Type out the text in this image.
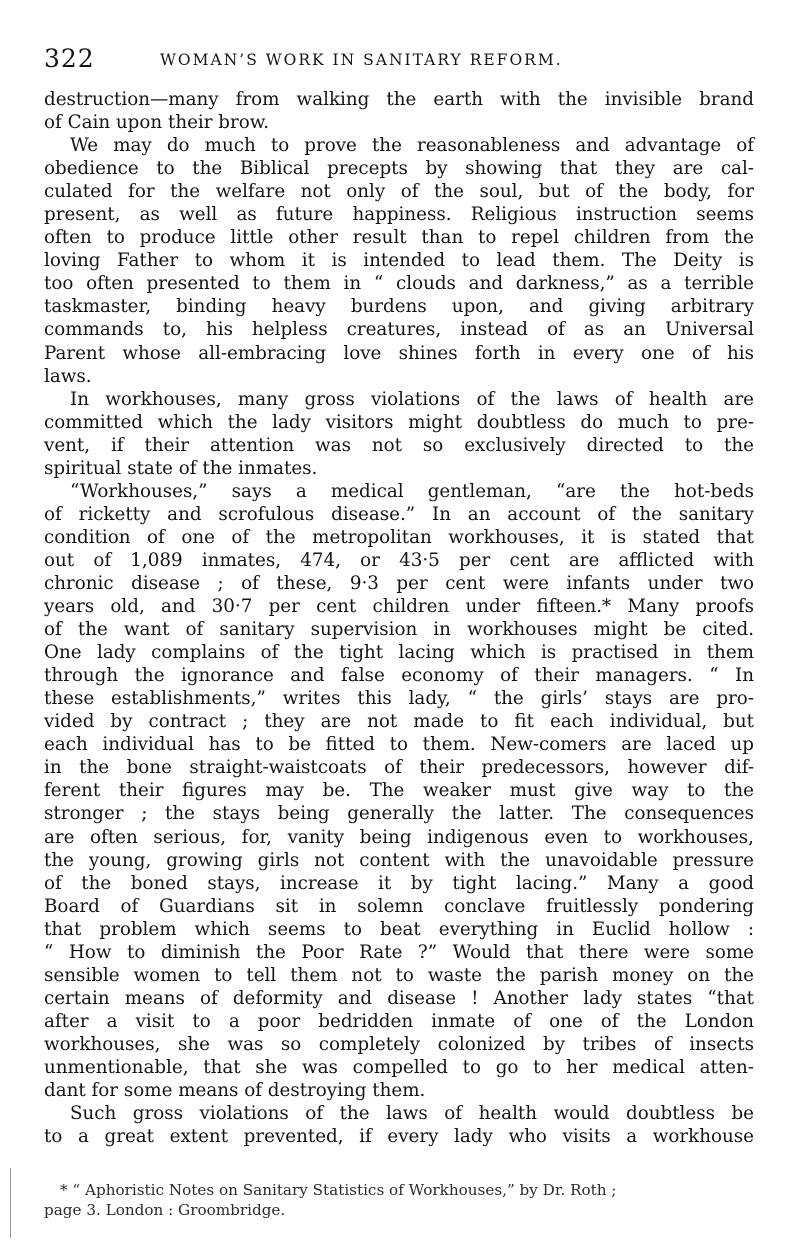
322	WOMAN’S WORK IN SANITARY REFORM.
destruction—many from walking the earth with the invisible brand
of Cain upon their brow.
We may do much to prove the reasonableness and advantage of
obedience to the Biblical precepts by showing that they are cal-
culated for the welfare not only of the soul, but of the body, for
present, as well as future happiness. Religious instruction seems
often to produce little other result than to repel children from the
loving Father to whom it is intended to lead them. The Deity is
too often presented to them in “ clouds and darkness,” as a terrible
taskmaster, binding heavy burdens upon, and giving arbitrary
commands to, his helpless creatures, instead of as an Universal
Parent whose all-embracing love shines forth in every one of his
laws.
In workhouses, many gross violations of the laws of health are
committed which the lady visitors might doubtless do much to pre-
vent, if their attention was not so exclusively directed to the
spiritual state of the inmates.
“Workhouses,” says a medical gentleman, “are the hot-beds
of ricketty and scrofulous disease.” In an account of the sanitary
condition of one of the metropolitan workhouses, it is stated that
out of 1,089 inmates, 474, or 43·5 per cent are afflicted with
chronic disease ; of these, 9·3 per cent were infants under two
years old, and 30·7 per cent children under fifteen.* Many proofs
of the want of sanitary supervision in workhouses might be cited.
One lady complains of the tight lacing which is practised in them
through the ignorance and false economy of their managers. “ In
these establishments,” writes this lady, “ the girls’ stays are pro-
vided by contract ; they are not made to fit each individual, but
each individual has to be fitted to them. New-comers are laced up
in the bone straight-waistcoats of their predecessors, however dif-
ferent their figures may be. The weaker must give way to the
stronger ; the stays being generally the latter. The consequences
are often serious, for, vanity being indigenous even to workhouses,
the young, growing girls not content with the unavoidable pressure
of the boned stays, increase it by tight lacing.” Many a good
Board of Guardians sit in solemn conclave fruitlessly pondering
that problem which seems to beat everything in Euclid hollow :
“ How to diminish the Poor Rate ?” Would that there were some
sensible women to tell them not to waste the parish money on the
certain means of deformity and disease ! Another lady states “that
after a visit to a poor bedridden inmate of one of the London
workhouses, she was so completely colonized by tribes of insects
unmentionable, that she was compelled to go to her medical atten-
dant for some means of destroying them.
Such gross violations of the laws of health would doubtless be
to a great extent prevented, if every lady who visits a workhouse
* “ Aphoristic Notes on Sanitary Statistics of Workhouses,” by Dr. Roth ;
page 3. London : Groombridge.
